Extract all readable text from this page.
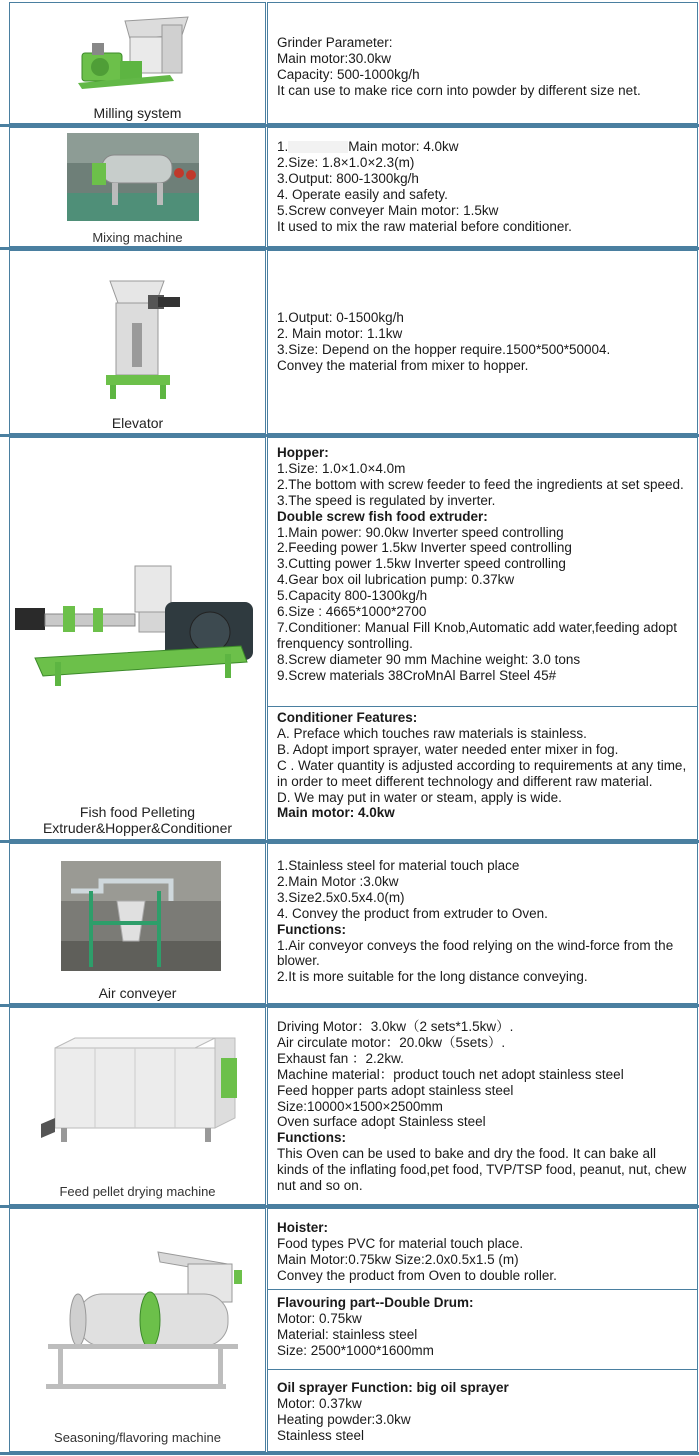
Milling system
Grinder Parameter:
Main motor:30.0kw
Capacity: 500-1000kg/h
It can use to make rice corn into powder by different size net.
Mixing machine
1.	Main motor: 4.0kw
2.Size: 1.8×1.0×2.3(m)
3.Output: 800-1300kg/h
4. Operate easily and safety.
5.Screw conveyer Main motor: 1.5kw
It used to mix the raw material before conditioner.
Elevator
1.Output: 0-1500kg/h
2. Main motor: 1.1kw
3.Size: Depend on the hopper require.1500*500*50004.
Convey the material from mixer to hopper.
Fish food Pelleting
Extruder&Hopper&Conditioner
Hopper:
1.Size: 1.0×1.0×4.0m
2.The bottom with screw feeder to feed the ingredients at set speed.
3.The speed is regulated by inverter.
Double screw fish food extruder:
1.Main power: 90.0kw Inverter speed controlling
2.Feeding power 1.5kw Inverter speed controlling
3.Cutting power 1.5kw Inverter speed controlling
4.Gear box oil lubrication pump: 0.37kw
5.Capacity 800-1300kg/h
6.Size : 4665*1000*2700
7.Conditioner: Manual Fill Knob,Automatic add water,feeding adopt frenquency sontrolling.
8.Screw diameter 90 mm Machine weight: 3.0 tons
9.Screw materials 38CroMnAl Barrel Steel 45#
Conditioner Features:
A. Preface which touches raw materials is stainless.
B. Adopt import sprayer, water needed enter mixer in fog.
C . Water quantity is adjusted according to requirements at any time, in order to meet different technology and different raw material.
D. We may put in water or steam, apply is wide.
Main motor: 4.0kw
Air conveyer
1.Stainless steel for material touch place
2.Main Motor :3.0kw
3.Size2.5x0.5x4.0(m)
4. Convey the product from extruder to Oven.
Functions:
1.Air conveyor conveys the food relying on the wind-force from the blower.
2.It is more suitable for the long distance conveying.
Feed pellet drying machine
Driving Motor：3.0kw（2 sets*1.5kw）.
Air circulate motor：20.0kw（5sets）.
Exhaust fan ：2.2kw.
Machine material：product touch net adopt stainless steel
Feed hopper parts adopt stainless steel
Size:10000×1500×2500mm
Oven surface adopt Stainless steel
Functions:
This Oven can be used to bake and dry the food. It can bake all kinds of the inflating food,pet food, TVP/TSP food, peanut, nut, chew nut and so on.
Seasoning/flavoring machine
Hoister:
Food types PVC for material touch place.
Main Motor:0.75kw Size:2.0x0.5x1.5 (m)
Convey the product from Oven to double roller.
Flavouring part--Double Drum:
Motor: 0.75kw
Material: stainless steel
Size: 2500*1000*1600mm
Oil sprayer Function: big oil sprayer
Motor: 0.37kw
Heating powder:3.0kw
Stainless steel
